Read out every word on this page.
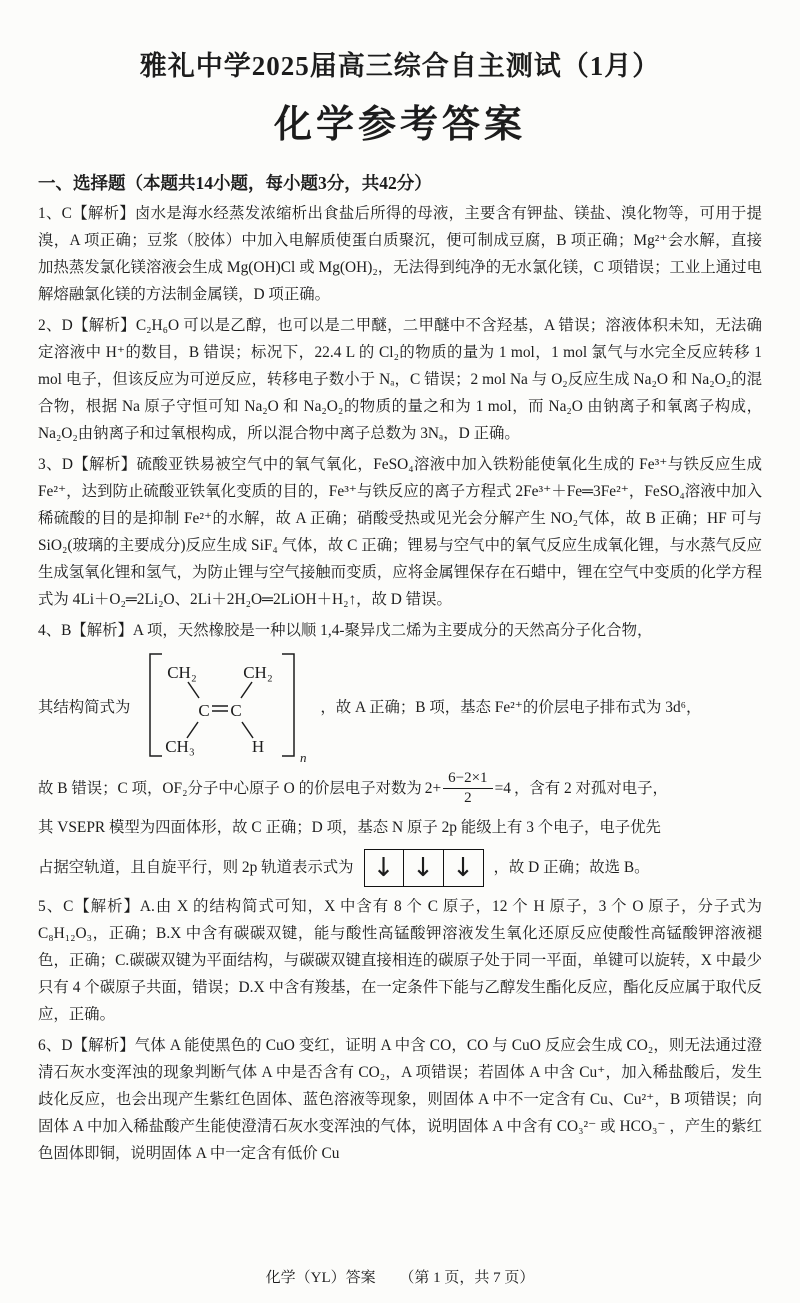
雅礼中学2025届高三综合自主测试（1月）
化学参考答案
一、选择题（本题共14小题，每小题3分，共42分）

1、C【解析】卤水是海水经蒸发浓缩析出食盐后所得的母液，主要含有钾盐、镁盐、溴化物等，可用于提溴，A 项正确；豆浆（胶体）中加入电解质使蛋白质聚沉，便可制成豆腐，B 项正确；Mg²⁺会水解，直接加热蒸发氯化镁溶液会生成 Mg(OH)Cl 或 Mg(OH)₂，无法得到纯净的无水氯化镁，C 项错误；工业上通过电解熔融氯化镁的方法制金属镁，D 项正确。

2、D【解析】C₂H₆O 可以是乙醇，也可以是二甲醚，二甲醚中不含羟基，A 错误；溶液体积未知，无法确定溶液中 H⁺的数目，B 错误；标况下，22.4 L 的 Cl₂的物质的量为 1 mol，1 mol 氯气与水完全反应转移 1 mol 电子，但该反应为可逆反应，转移电子数小于 Nₐ，C 错误；2 mol Na 与 O₂反应生成 Na₂O 和 Na₂O₂的混合物，根据 Na 原子守恒可知 Na₂O 和 Na₂O₂的物质的量之和为 1 mol，而 Na₂O 由钠离子和氧离子构成，Na₂O₂由钠离子和过氧根构成，所以混合物中离子总数为 3Nₐ，D 正确。

3、D【解析】硫酸亚铁易被空气中的氧气氧化，FeSO₄溶液中加入铁粉能使氧化生成的 Fe³⁺与铁反应生成 Fe²⁺，达到防止硫酸亚铁氧化变质的目的，Fe³⁺与铁反应的离子方程式 2Fe³⁺＋Fe═3Fe²⁺，FeSO₄溶液中加入稀硫酸的目的是抑制 Fe²⁺的水解，故 A 正确；硝酸受热或见光会分解产生 NO₂气体，故 B 正确；HF 可与 SiO₂(玻璃的主要成分)反应生成 SiF₄ 气体，故 C 正确；锂易与空气中的氧气反应生成氧化锂，与水蒸气反应生成氢氧化锂和氢气，为防止锂与空气接触而变质，应将金属锂保存在石蜡中，锂在空气中变质的化学方程式为 4Li＋O₂═2Li₂O、2Li＋2H₂O═2LiOH＋H₂↑，故 D 错误。

4、B【解析】A 项，天然橡胶是一种以顺 1,4-聚异戊二烯为主要成分的天然高分子化合物，

其结构简式为
CH₂	CH₂
C C
CH₃	H
n
，故 A 正确；B 项，基态 Fe²⁺的价层电子排布式为 3d⁶，
故 B 错误；C 项，OF₂分子中心原子 O 的价层电子对数为 $2+ \frac{6-2\times 1}{2} =4$ ，含有 2 对孤对电子，

其 VSEPR 模型为四面体形，故 C 正确；D 项，基态 N 原子 2p 能级上有 3 个电子，电子优先

占据空轨道，且自旋平行，则 2p 轨道表示式为 ↓ ↓ ↓	，故 D 正确；故选 B。

5、C【解析】A.由 X 的结构简式可知，X 中含有 8 个 C 原子，12 个 H 原子，3 个 O 原子，分子式为 C₈H₁₂O₃，正确；B.X 中含有碳碳双键，能与酸性高锰酸钾溶液发生氧化还原反应使酸性高锰酸钾溶液褪色，正确；C.碳碳双键为平面结构，与碳碳双键直接相连的碳原子处于同一平面，单键可以旋转，X 中最少只有 4 个碳原子共面，错误；D.X 中含有羧基，在一定条件下能与乙醇发生酯化反应，酯化反应属于取代反应，正确。

6、D【解析】气体 A 能使黑色的 CuO 变红，证明 A 中含 CO，CO 与 CuO 反应会生成 CO₂，则无法通过澄清石灰水变浑浊的现象判断气体 A 中是否含有 CO₂，A 项错误；若固体 A 中含 Cu⁺，加入稀盐酸后，发生歧化反应，也会出现产生紫红色固体、蓝色溶液等现象，则固体 A 中不一定含有 Cu、Cu²⁺，B 项错误；向固体 A 中加入稀盐酸产生能使澄清石灰水变浑浊的气体，说明固体 A 中含有 CO₃²⁻ 或 HCO₃⁻ ，产生的紫红色固体即铜，说明固体 A 中一定含有低价 Cu

化学（YL）答案 （第 1 页，共 7 页）
